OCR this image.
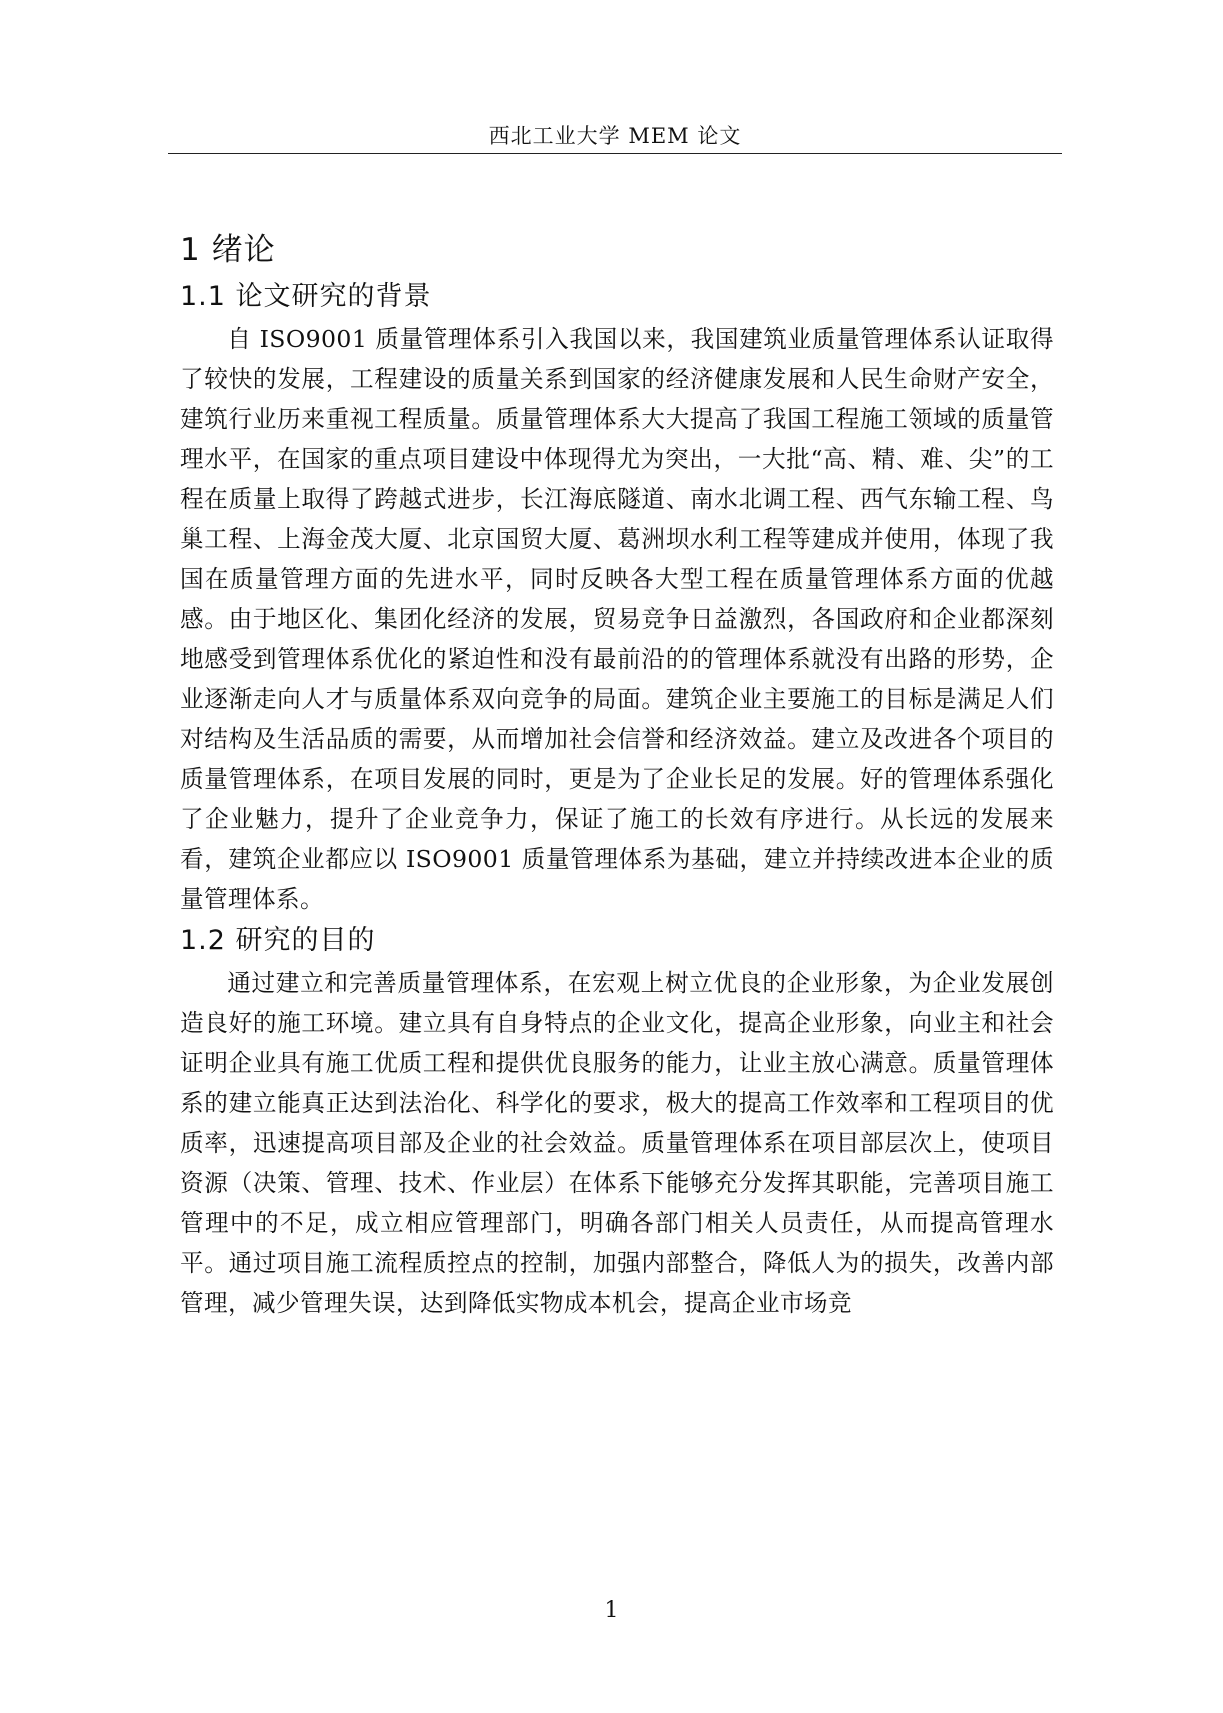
西北工业大学 MEM 论文
1 绪论
1.1 论文研究的背景

自 ISO9001 质量管理体系引入我国以来，我国建筑业质量管理体系认证取得了较快的发展，工程建设的质量关系到国家的经济健康发展和人民生命财产安全，建筑行业历来重视工程质量。质量管理体系大大提高了我国工程施工领域的质量管理水平，在国家的重点项目建设中体现得尤为突出，一大批“高、精、难、尖”的工程在质量上取得了跨越式进步，长江海底隧道、南水北调工程、西气东输工程、鸟巢工程、上海金茂大厦、北京国贸大厦、葛洲坝水利工程等建成并使用，体现了我国在质量管理方面的先进水平，同时反映各大型工程在质量管理体系方面的优越感。由于地区化、集团化经济的发展，贸易竞争日益激烈，各国政府和企业都深刻地感受到管理体系优化的紧迫性和没有最前沿的的管理体系就没有出路的形势，企业逐渐走向人才与质量体系双向竞争的局面。建筑企业主要施工的目标是满足人们对结构及生活品质的需要，从而增加社会信誉和经济效益。建立及改进各个项目的质量管理体系，在项目发展的同时，更是为了企业长足的发展。好的管理体系强化了企业魅力，提升了企业竞争力，保证了施工的长效有序进行。从长远的发展来看，建筑企业都应以 ISO9001 质量管理体系为基础，建立并持续改进本企业的质量管理体系。

1.2 研究的目的

通过建立和完善质量管理体系，在宏观上树立优良的企业形象，为企业发展创造良好的施工环境。建立具有自身特点的企业文化，提高企业形象，向业主和社会证明企业具有施工优质工程和提供优良服务的能力，让业主放心满意。质量管理体系的建立能真正达到法治化、科学化的要求，极大的提高工作效率和工程项目的优质率，迅速提高项目部及企业的社会效益。质量管理体系在项目部层次上，使项目资源（决策、管理、技术、作业层）在体系下能够充分发挥其职能，完善项目施工管理中的不足，成立相应管理部门，明确各部门相关人员责任，从而提高管理水平。通过项目施工流程质控点的控制，加强内部整合，降低人为的损失，改善内部管理，减少管理失误，达到降低实物成本机会，提高企业市场竞

1
